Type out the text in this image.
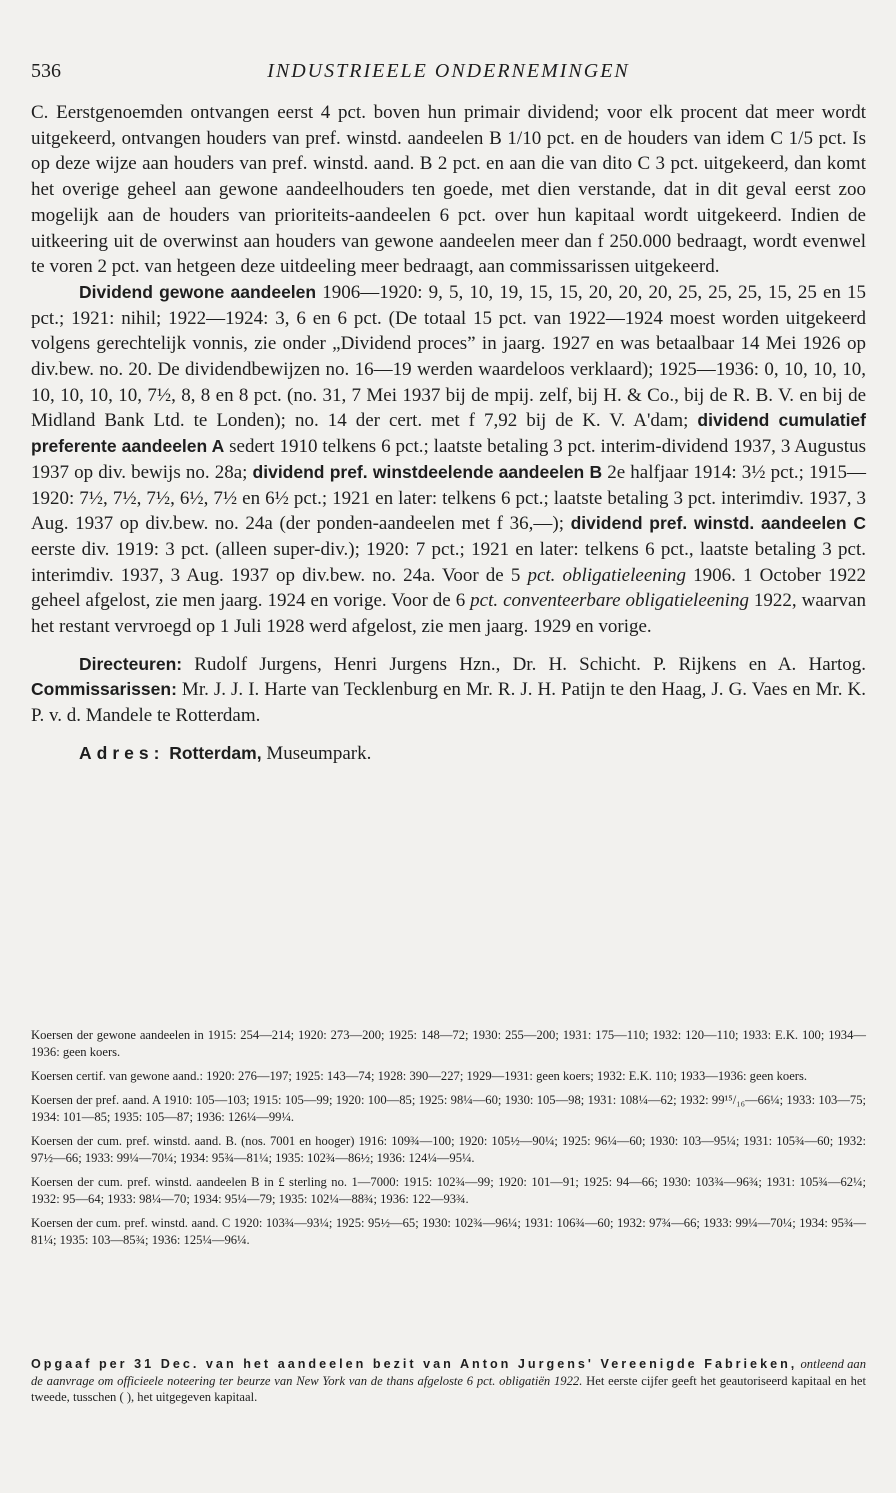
536	INDUSTRIEELE ONDERNEMINGEN

C. Eerstgenoemden ontvangen eerst 4 pct. boven hun primair dividend; voor elk procent dat meer wordt uitgekeerd, ontvangen houders van pref. winstd. aandeelen B 1/10 pct. en de houders van idem C 1/5 pct. Is op deze wijze aan houders van pref. winstd. aand. B 2 pct. en aan die van dito C 3 pct. uitgekeerd, dan komt het overige geheel aan gewone aandeelhouders ten goede, met dien verstande, dat in dit geval eerst zoo mogelijk aan de houders van prioriteits-aandeelen 6 pct. over hun kapitaal wordt uitgekeerd. Indien de uitkeering uit de overwinst aan houders van gewone aandeelen meer dan f 250.000 bedraagt, wordt evenwel te voren 2 pct. van hetgeen deze uitdeeling meer bedraagt, aan commissarissen uitgekeerd.

Dividend gewone aandeelen 1906—1920: 9, 5, 10, 19, 15, 15, 20, 20, 20, 25, 25, 25, 15, 25 en 15 pct.; 1921: nihil; 1922—1924: 3, 6 en 6 pct. (De totaal 15 pct. van 1922—1924 moest worden uitgekeerd volgens gerechtelijk vonnis, zie onder „Dividend proces” in jaarg. 1927 en was betaalbaar 14 Mei 1926 op div.bew. no. 20. De dividendbewijzen no. 16—19 werden waardeloos verklaard); 1925—1936: 0, 10, 10, 10, 10, 10, 10, 10, 7½, 8, 8 en 8 pct. (no. 31, 7 Mei 1937 bij de mpij. zelf, bij H. & Co., bij de R. B. V. en bij de Midland Bank Ltd. te Londen); no. 14 der cert. met f 7,92 bij de K. V. A'dam; dividend cumulatief preferente aandeelen A sedert 1910 telkens 6 pct.; laatste betaling 3 pct. interim-dividend 1937, 3 Augustus 1937 op div. bewijs no. 28a; dividend pref. winstdeelende aandeelen B 2e halfjaar 1914: 3½ pct.; 1915—1920: 7½, 7½, 7½, 6½, 7½ en 6½ pct.; 1921 en later: telkens 6 pct.; laatste betaling 3 pct. interimdiv. 1937, 3 Aug. 1937 op div.bew. no. 24a (der ponden-aandeelen met f 36,—); dividend pref. winstd. aandeelen C eerste div. 1919: 3 pct. (alleen super-div.); 1920: 7 pct.; 1921 en later: telkens 6 pct., laatste betaling 3 pct. interimdiv. 1937, 3 Aug. 1937 op div.bew. no. 24a. Voor de 5 pct. obligatieleening 1906. 1 October 1922 geheel afgelost, zie men jaarg. 1924 en vorige. Voor de 6 pct. conventeerbare obligatieleening 1922, waarvan het restant vervroegd op 1 Juli 1928 werd afgelost, zie men jaarg. 1929 en vorige.

Directeuren: Rudolf Jurgens, Henri Jurgens Hzn., Dr. H. Schicht. P. Rijkens en A. Hartog. Commissarissen: Mr. J. J. I. Harte van Tecklenburg en Mr. R. J. H. Patijn te den Haag, J. G. Vaes en Mr. K. P. v. d. Mandele te Rotterdam.

Adres: Rotterdam, Museumpark.

Koersen der gewone aandeelen in 1915: 254—214; 1920: 273—200; 1925: 148—72; 1930: 255—200; 1931: 175—110; 1932: 120—110; 1933: E.K. 100; 1934—1936: geen koers.

Koersen certif. van gewone aand.: 1920: 276—197; 1925: 143—74; 1928: 390—227; 1929—1931: geen koers; 1932: E.K. 110; 1933—1936: geen koers.

Koersen der pref. aand. A 1910: 105—103; 1915: 105—99; 1920: 100—85; 1925: 98¼—60; 1930: 105—98; 1931: 108¼—62; 1932: 99¹⁵/₁₆—66¼; 1933: 103—75; 1934: 101—85; 1935: 105—87; 1936: 126¼—99¼.

Koersen der cum. pref. winstd. aand. B. (nos. 7001 en hooger) 1916: 109¾—100; 1920: 105½—90¼; 1925: 96¼—60; 1930: 103—95¼; 1931: 105¾—60; 1932: 97½—66; 1933: 99¼—70¼; 1934: 95¾—81¼; 1935: 102¾—86½; 1936: 124¼—95¼.

Koersen der cum. pref. winstd. aandeelen B in £ sterling no. 1—7000: 1915: 102¾—99; 1920: 101—91; 1925: 94—66; 1930: 103¾—96¾; 1931: 105¾—62¼; 1932: 95—64; 1933: 98¼—70; 1934: 95¼—79; 1935: 102¼—88¾; 1936: 122—93¾.

Koersen der cum. pref. winstd. aand. C 1920: 103¾—93¼; 1925: 95½—65; 1930: 102¾—96¼; 1931: 106¾—60; 1932: 97¾—66; 1933: 99¼—70¼; 1934: 95¾—81¼; 1935: 103—85¾; 1936: 125¼—96¼.

Opgaaf per 31 Dec. van het aandeelen bezit van Anton Jurgens' Vereenigde Fabrieken, ontleend aan de aanvrage om officieele noteering ter beurze van New York van de thans afgeloste 6 pct. obligatiën 1922. Het eerste cijfer geeft het geautoriseerd kapitaal en het tweede, tusschen ( ), het uitgegeven kapitaal.
